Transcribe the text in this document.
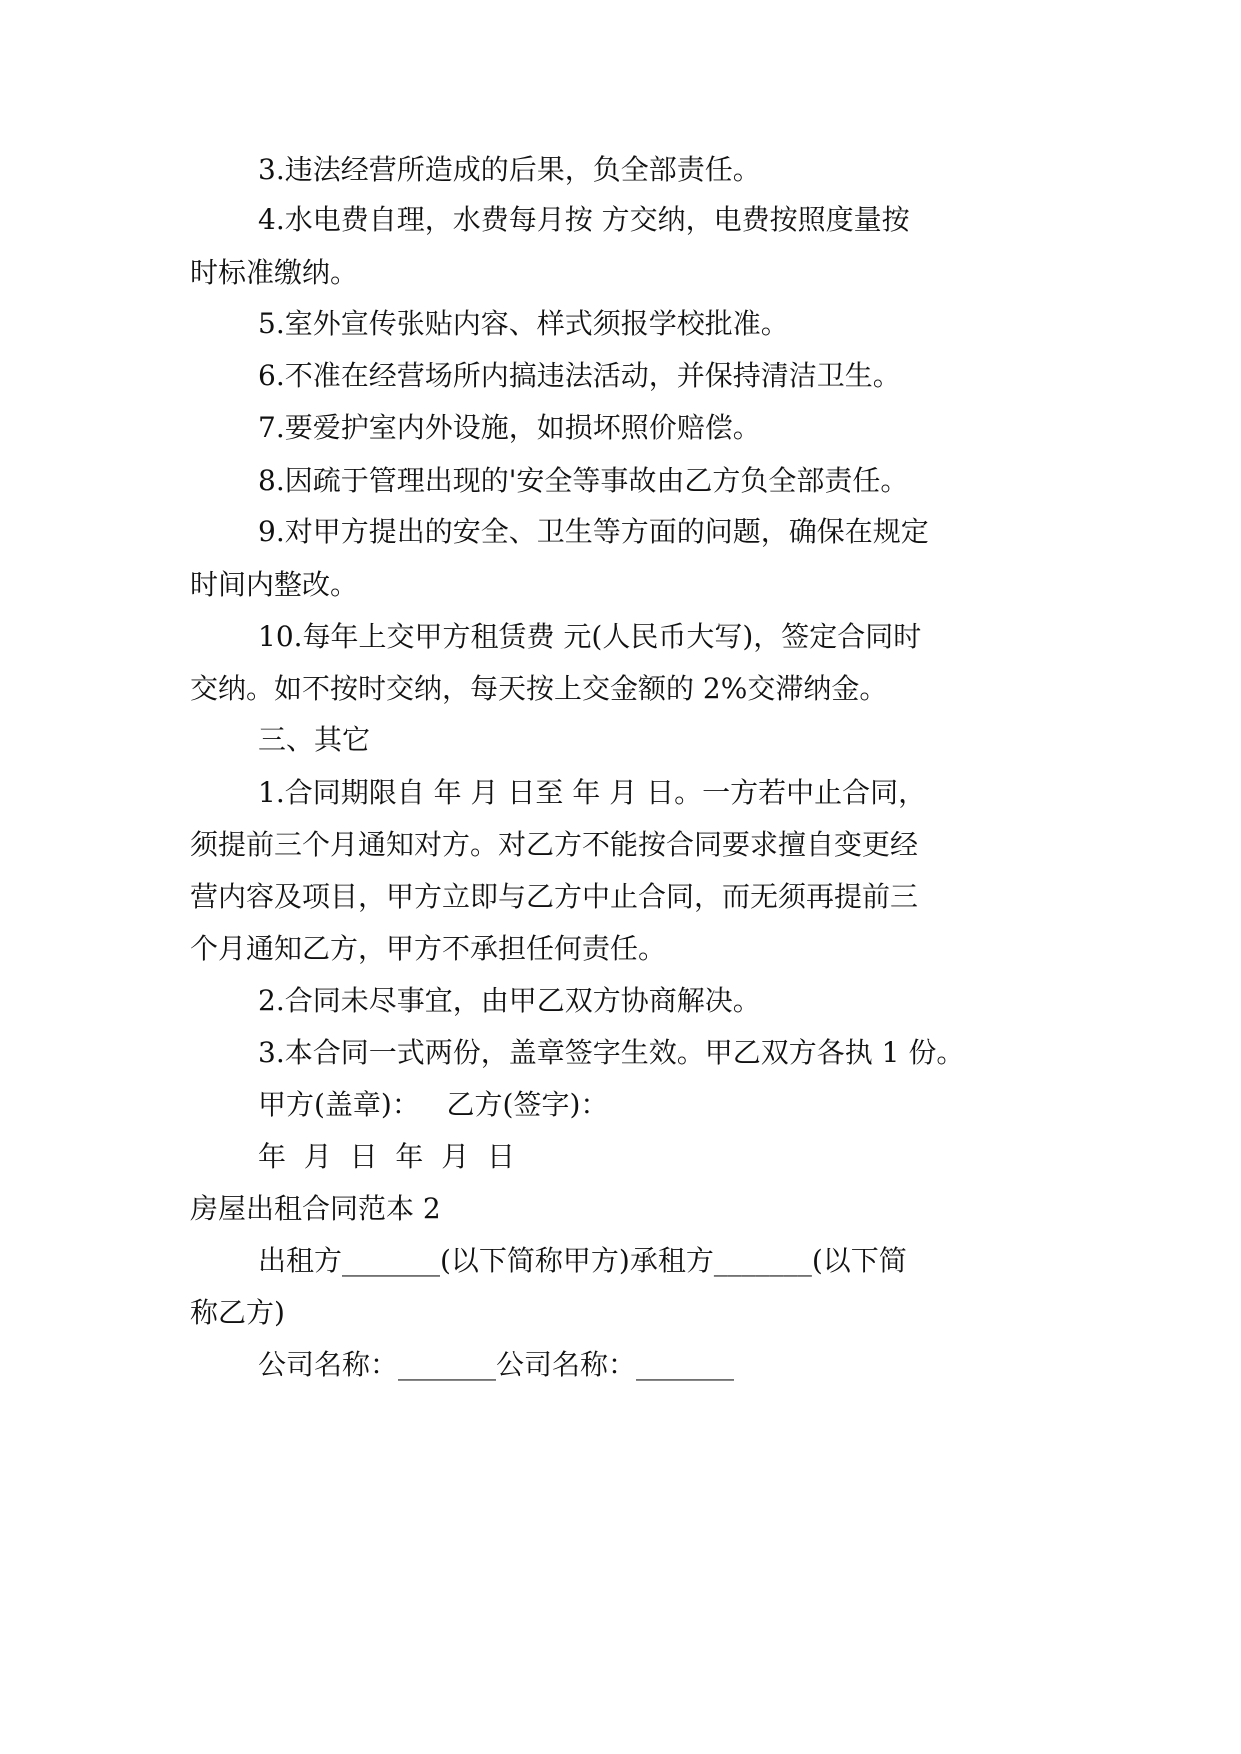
3.违法经营所造成的后果，负全部责任。

4.水电费自理，水费每月按 方交纳，电费按照度量按

时标准缴纳。

5.室外宣传张贴内容、样式须报学校批准。

6.不准在经营场所内搞违法活动，并保持清洁卫生。

7.要爱护室内外设施，如损坏照价赔偿。

8.因疏于管理出现的'安全等事故由乙方负全部责任。

9.对甲方提出的安全、卫生等方面的问题，确保在规定

时间内整改。

10.每年上交甲方租赁费 元(人民币大写)，签定合同时

交纳。如不按时交纳，每天按上交金额的 2%交滞纳金。

三、其它

1.合同期限自 年 月 日至 年 月 日。一方若中止合同，

须提前三个月通知对方。对乙方不能按合同要求擅自变更经

营内容及项目，甲方立即与乙方中止合同，而无须再提前三

个月通知乙方，甲方不承担任何责任。

2.合同未尽事宜，由甲乙双方协商解决。

3.本合同一式两份，盖章签字生效。甲乙双方各执 1 份。

甲方(盖章)：   乙方(签字)：

年  月  日  年  月  日

房屋出租合同范本 2

出租方_______(以下简称甲方)承租方_______(以下简

称乙方)

公司名称：_______公司名称：_______
